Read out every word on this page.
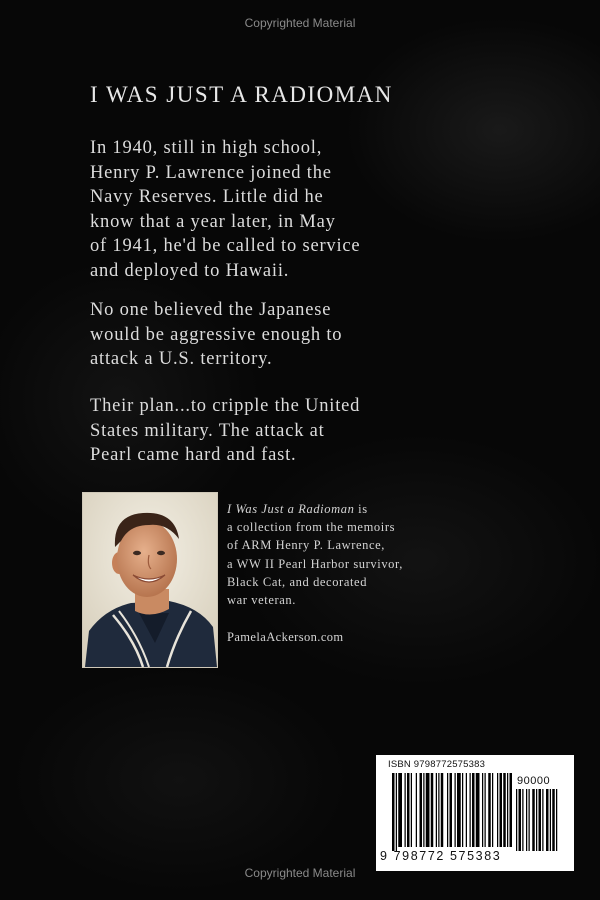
Copyrighted Material
I WAS JUST A RADIOMAN

In 1940, still in high school,
Henry P. Lawrence joined the
Navy Reserves. Little did he
know that a year later, in May
of 1941, he'd be called to service
and deployed to Hawaii.

No one believed the Japanese
would be aggressive enough to
attack a U.S. territory.

Their plan...to cripple the United
States military. The attack at
Pearl came hard and fast.

I Was Just a Radioman is
a collection from the memoirs
of ARM Henry P. Lawrence,
a WW II Pearl Harbor survivor,
Black Cat, and decorated
war veteran.

PamelaAckerson.com
ISBN 9798772575383
90000
9 798772 575383
Copyrighted Material
